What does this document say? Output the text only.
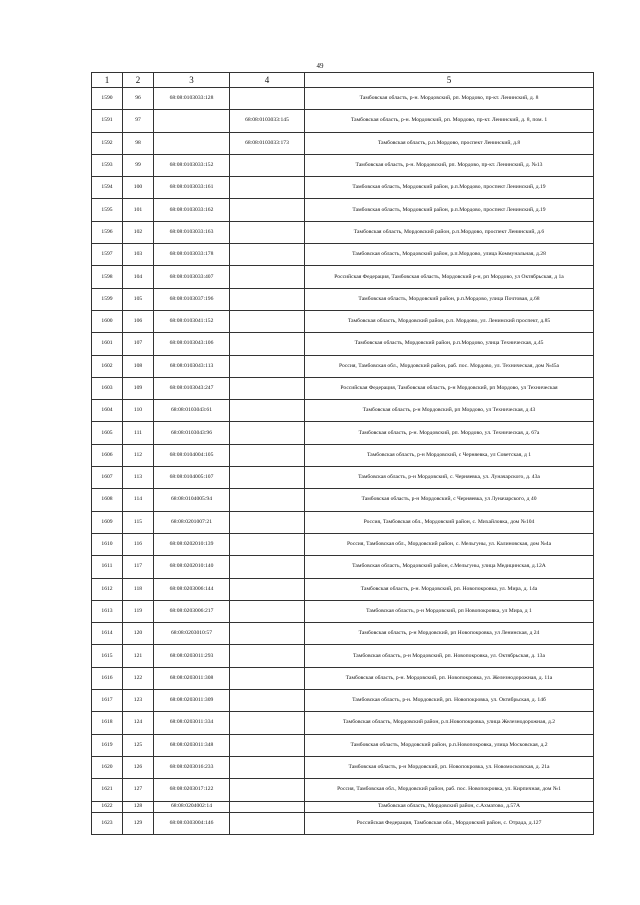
49
1	2	3	4	5
1590	96	68:08:0103033:128		Тамбовская область, р-н. Мордовский, рп. Мордово, пр-кт. Ленинский, д. 8
1591	97		68:08:0103033:145	Тамбовская область, р-н. Мордовский, рп. Мордово, пр-кт. Ленинский, д. 8, пом. 1
1592	98		68:08:0103033:173	Тамбовская область, р.п.Мордово, проспект Ленинский, д.8
1593	99	68:08:0103033:152		Тамбовская область, р-н. Мордовский, рп. Мордово, пр-кт. Ленинский, д. №13
1594	100	68:08:0103033:161		Тамбовская область, Мордовский район, р.п.Мордово, проспект Ленинский, д.19
1595	101	68:08:0103033:162		Тамбовская область, Мордовский район, р.п.Мордово, проспект Ленинский, д.19
1596	102	68:08:0103033:163		Тамбовская область, Мордовский район, р.п.Мордово, проспект Ленинский, д.6
1597	103	68:08:0103033:178		Тамбовская область, Мордовский район, р.п.Мордово, улица Коммунальная, д.28
1598	104	68:08:0103033:407		Российская Федерация, Тамбовская область, Мордовский р-н, рп Мордово, ул Октябрьская, д 1а
1599	105	68:08:0103037:196		Тамбовская область, Мордовский район, р.п.Мордово, улица Почтовая, д.68
1600	106	68:08:0103041:152		Тамбовская область, Мордовский район, р.п. Мордово, ул. Ленинский проспект, д.85
1601	107	68:08:0103043:106		Тамбовская область, Мордовский район, р.п.Мордово, улица Техническая, д.45
1602	108	68:08:0103043:113		Россия, Тамбовская обл., Мордовский район, раб. пос. Мордово, ул. Техническая, дом №45а
1603	109	68:08:0103043:247		Российская Федерация, Тамбовская область, р-н Мордовский, рп Мордово, ул Техническая
1604	110	68:08:0103043:61		Тамбовская область, р-н Мордовский, рп Мордово, ул Техническая, д 43
1605	111	68:08:0103043:96		Тамбовская область, р-н. Мордовский, рп. Мордово, ул. Техническая, д. 67а
1606	112	68:08:0104004:105		Тамбовская область, р-н Мордовский, с Черняевка, ул Советская, д 1
1607	113	68:08:0104005:107		Тамбовская область, р-н Мордовский, с. Черняевка, ул. Луначарского, д. 43а
1608	114	68:08:0104005:94		Тамбовская область, р-н Мордовский, с Черняевка, ул Луначарского, д 40
1609	115	68:08:0201007:21		Россия, Тамбовская обл., Мордовский район, с. Михайловка, дом №104
1610	116	68:08:0202010:139		Россия, Тамбовская обл., Мордовский район, с. Мельгуны, ул. Калиновская, дом №4а
1611	117	68:08:0202010:140		Тамбовская область, Мордовский район, с.Мельгуны, улица Медицинская, д.12А
1612	118	68:08:0203006:144		Тамбовская область, р-н. Мордовский, рп. Новопокровка, ул. Мира, д. 14а
1613	119	68:08:0203006:217		Тамбовская область, р-н Мордовский, рп Новопокровка, ул Мира, д 1
1614	120	68:08:0203010:57		Тамбовская область, р-н Мордовский, рп Новопокровка, ул Ленинская, д 24
1615	121	68:08:0203011:293		Тамбовская область, р-н Мордовский, рп. Новопокровка, ул. Октябрьская, д. 13а
1616	122	68:08:0203011:308		Тамбовская область, р-н. Мордовский, рп. Новопокровка, ул. Железнодорожная, д. 11а
1617	123	68:08:0203011:309		Тамбовская область, р-н. Мордовский, рп. Новопокровка, ул. Октябрьская, д. 14б
1618	124	68:08:0203011:334		Тамбовская область, Мордовский район, р.п.Новопокровка, улица Железнодорожная, д.2
1619	125	68:08:0203011:348		Тамбовская область, Мордовский район, р.п.Новопокровка, улица Московская, д.2
1620	126	68:08:0203016:233		Тамбовская область, р-н Мордовский, рп. Новопокровка, ул. Новомосковская, д. 21а
1621	127	68:08:0203017:122		Россия, Тамбовская обл., Мордовский район, раб. пос. Новопокровка, ул. Кирпичная, дом №1
1622	128	68:08:0204002:14		Тамбовская область, Мордовский район, с.Ахматово, д.57А
1623	129	68:08:0303004:146		Российская Федерация, Тамбовская обл., Мордовский район, с. Отрада, д.127
